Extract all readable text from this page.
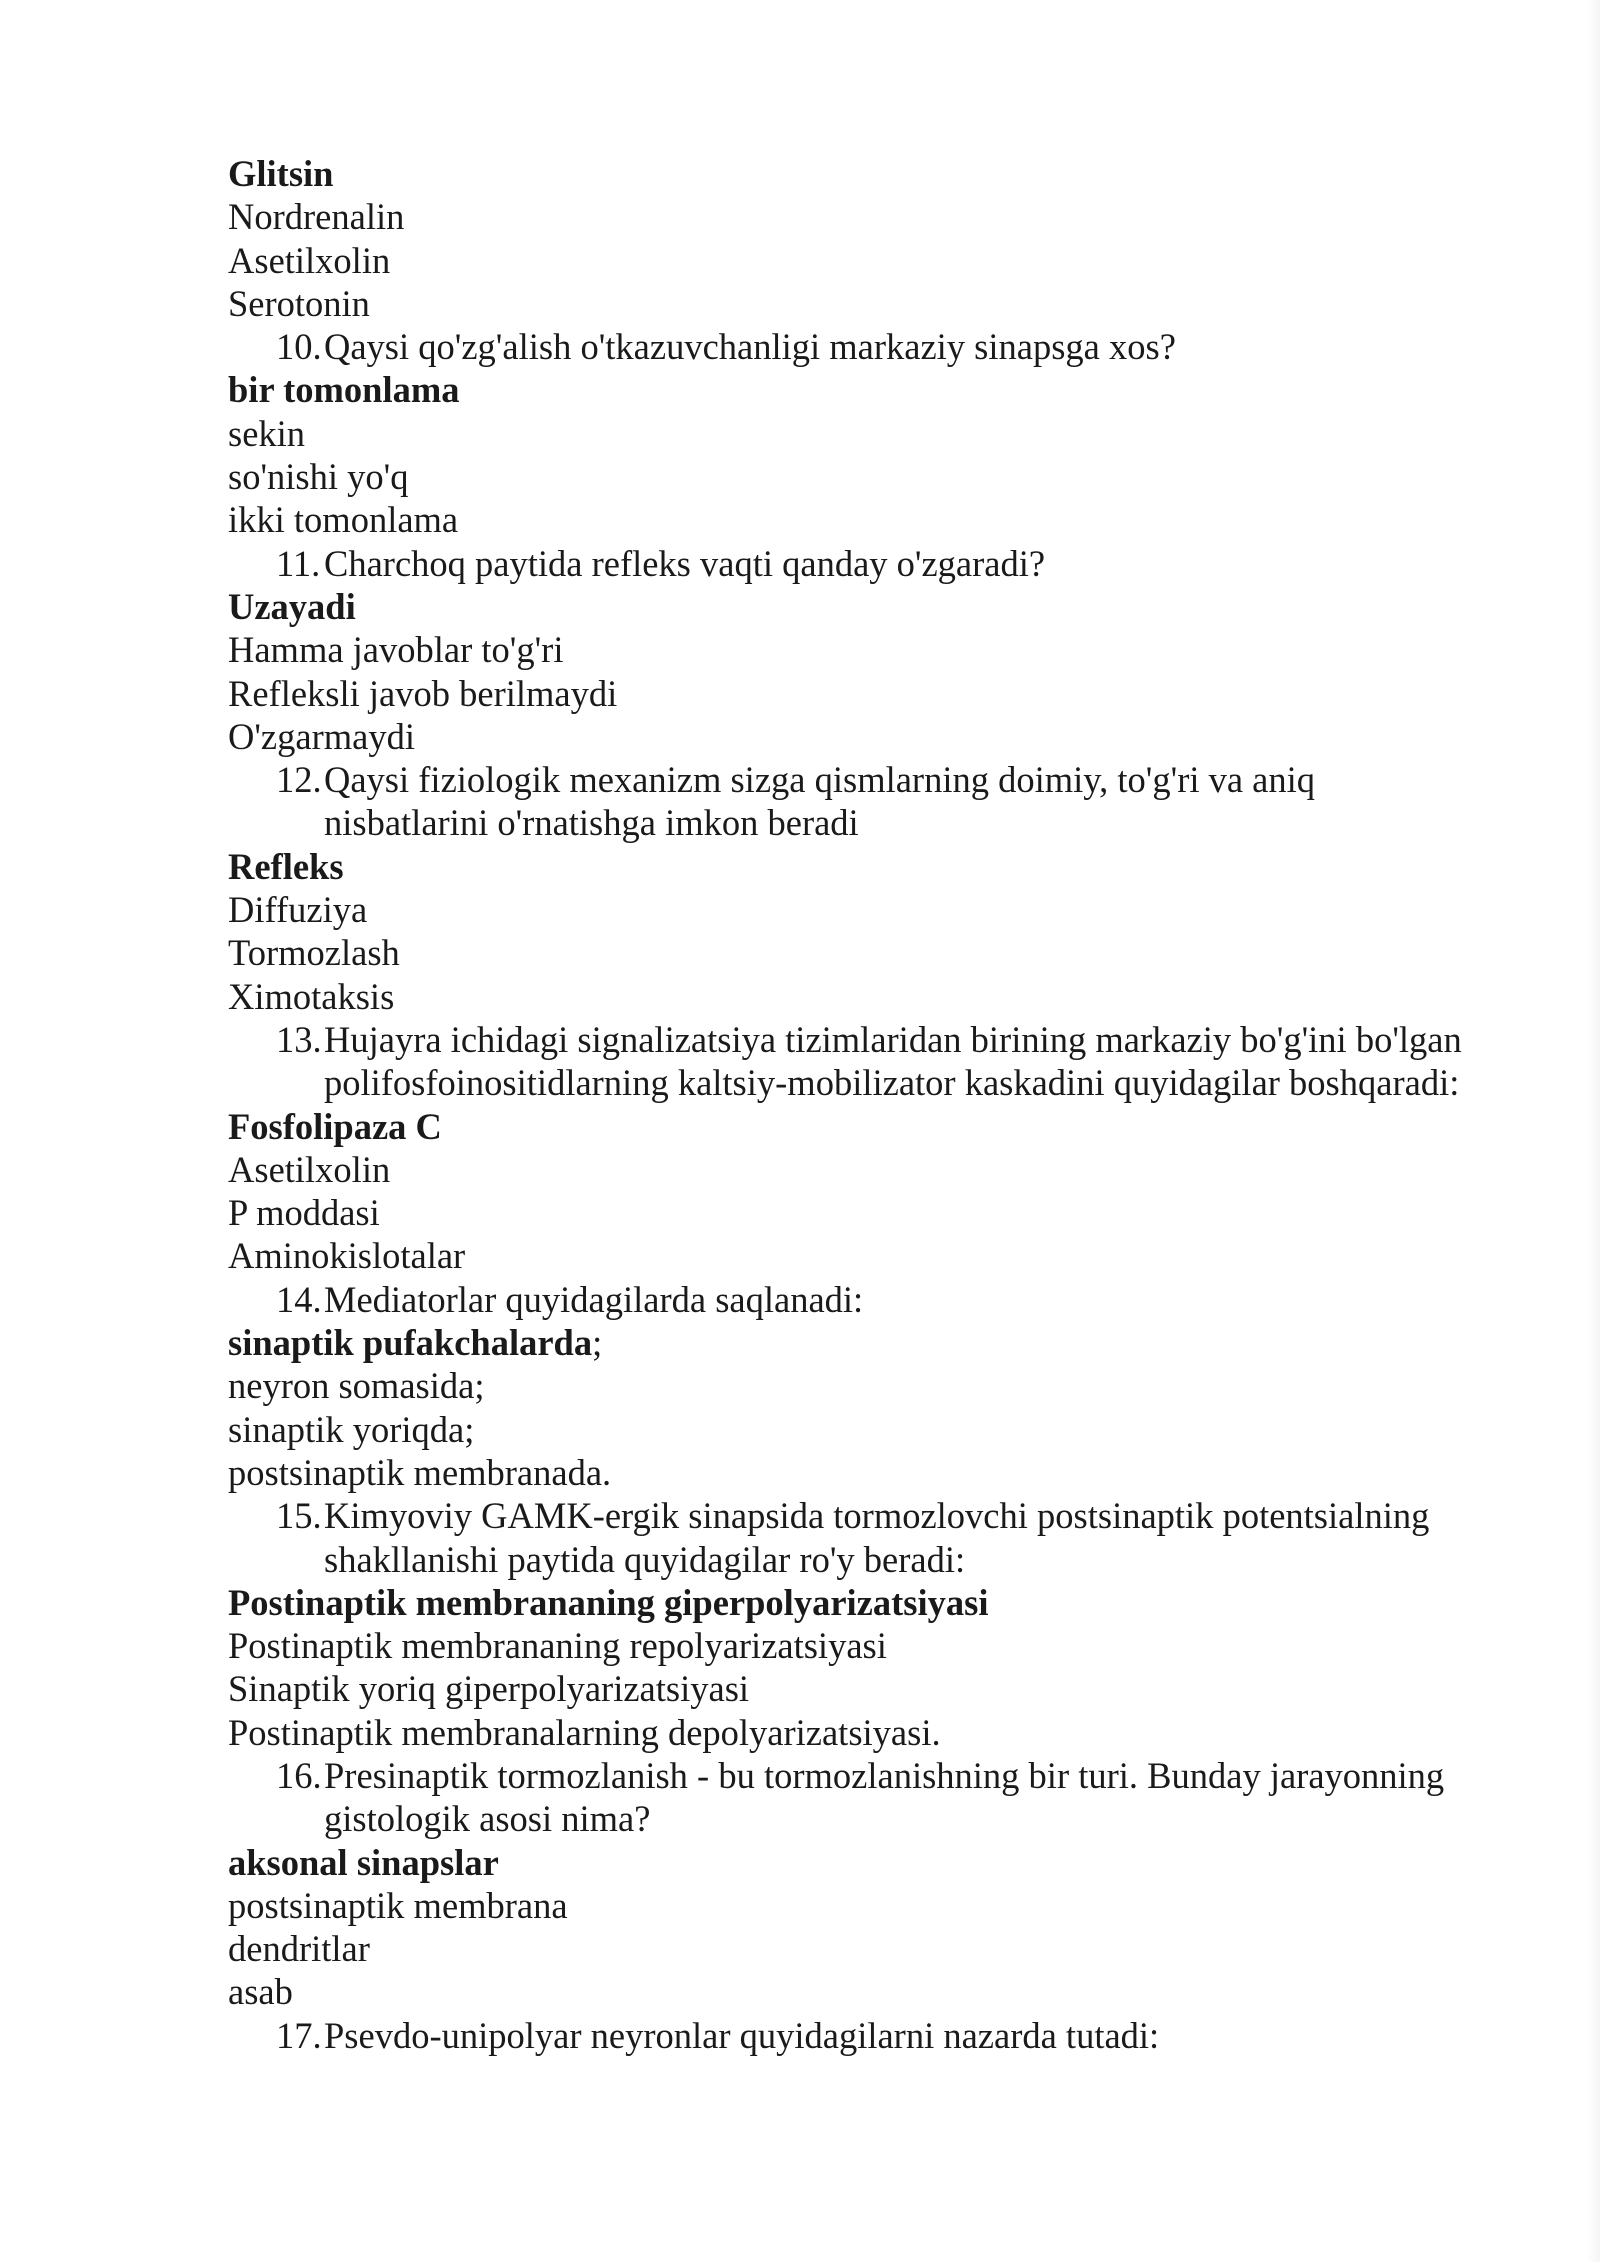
Glitsin
Nordrenalin
Asetilxolin
Serotonin
10. Qaysi qo'zg'alish o'tkazuvchanligi markaziy sinapsga xos?
bir tomonlama
sekin
so'nishi yo'q
ikki tomonlama
11. Charchoq paytida refleks vaqti qanday o'zgaradi?
Uzayadi
Hamma javoblar to'g'ri
Refleksli javob berilmaydi
O'zgarmaydi
12. Qaysi fiziologik mexanizm sizga qismlarning doimiy, to'g'ri va aniq nisbatlarini o'rnatishga imkon beradi
Refleks
Diffuziya
Tormozlash
Ximotaksis
13. Hujayra ichidagi signalizatsiya tizimlaridan birining markaziy bo'g'ini bo'lgan polifosfoinositidlarning kaltsiy-mobilizator kaskadini quyidagilar boshqaradi:
Fosfolipaza C
Asetilxolin
P moddasi
Aminokislotalar
14. Mediatorlar quyidagilarda saqlanadi:
sinaptik pufakchalarda;
neyron somasida;
sinaptik yoriqda;
postsinaptik membranada.
15. Kimyoviy GAMK-ergik sinapsida tormozlovchi postsinaptik potentsialning shakllanishi paytida quyidagilar ro'y beradi:
Postinaptik membrananing giperpolyarizatsiyasi
Postinaptik membrananing repolyarizatsiyasi
Sinaptik yoriq giperpolyarizatsiyasi
Postinaptik membranalarning depolyarizatsiyasi.
16. Presinaptik tormozlanish - bu tormozlanishning bir turi. Bunday jarayonning gistologik asosi nima?
aksonal sinapslar
postsinaptik membrana
dendritlar
asab
17. Psevdo-unipolyar neyronlar quyidagilarni nazarda tutadi:
